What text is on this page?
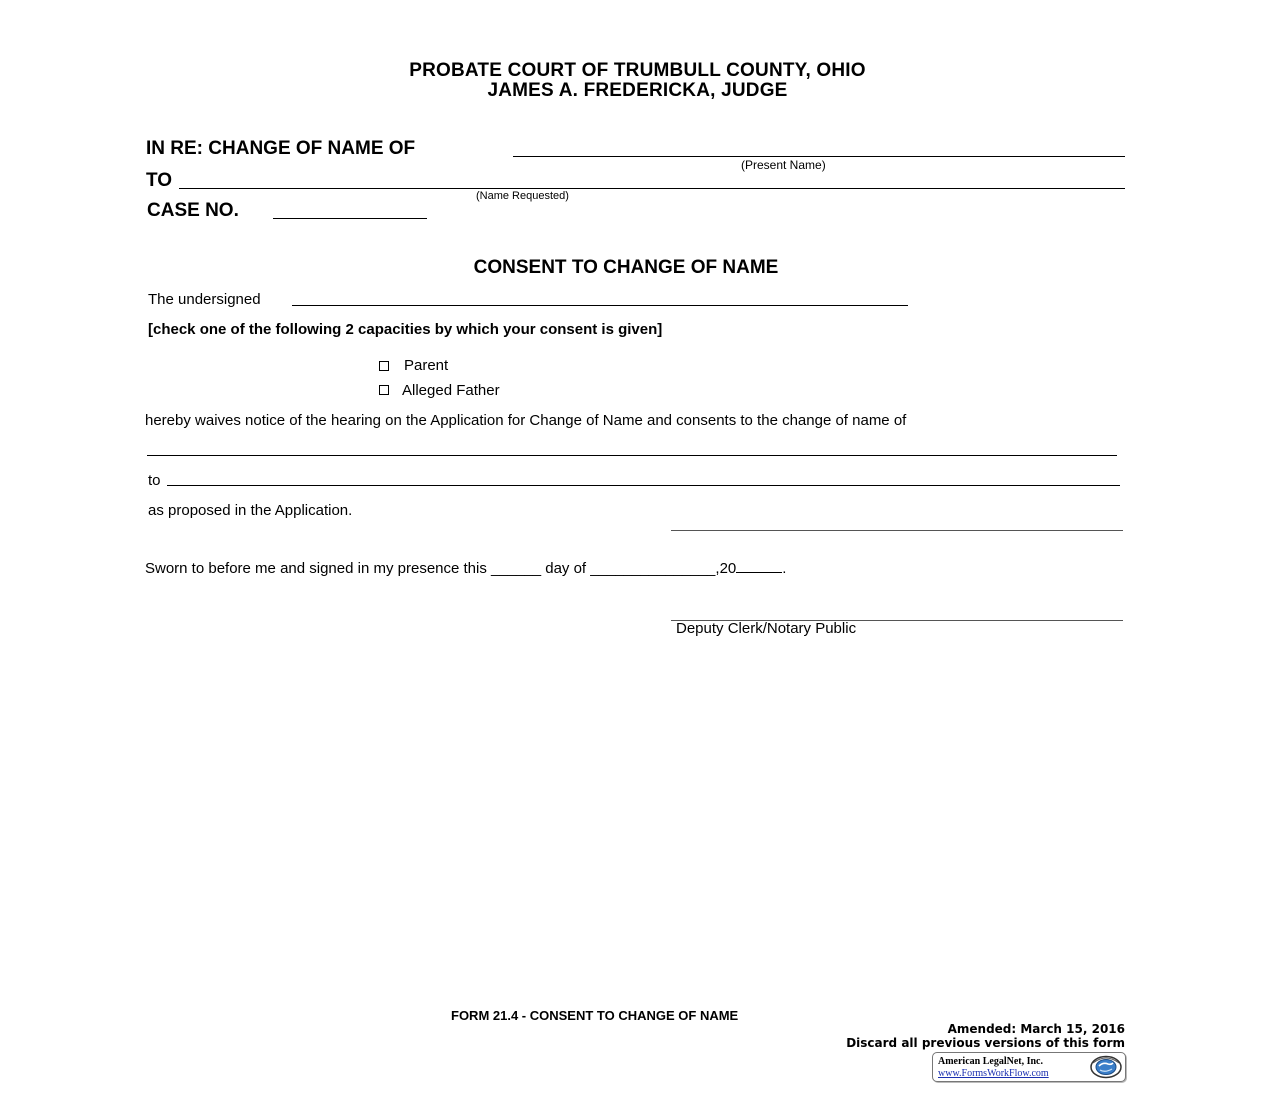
PROBATE COURT OF TRUMBULL COUNTY, OHIO
JAMES A. FREDERICKA, JUDGE
IN RE: CHANGE OF NAME OF
(Present Name)
TO
(Name Requested)
CASE NO.
CONSENT TO CHANGE OF NAME
The undersigned
[check one of the following 2 capacities by which your consent is given]
Parent
Alleged Father
hereby waives notice of the hearing on the Application for Change of Name and consents to the change of name of
to
as proposed in the Application.
Sworn to before me and signed in my presence this ______ day of _______________,20	.
Deputy Clerk/Notary Public
FORM 21.4 - CONSENT TO CHANGE OF NAME
Amended: March 15, 2016
Discard all previous versions of this form
American LegalNet, Inc.
www.FormsWorkFlow.com
